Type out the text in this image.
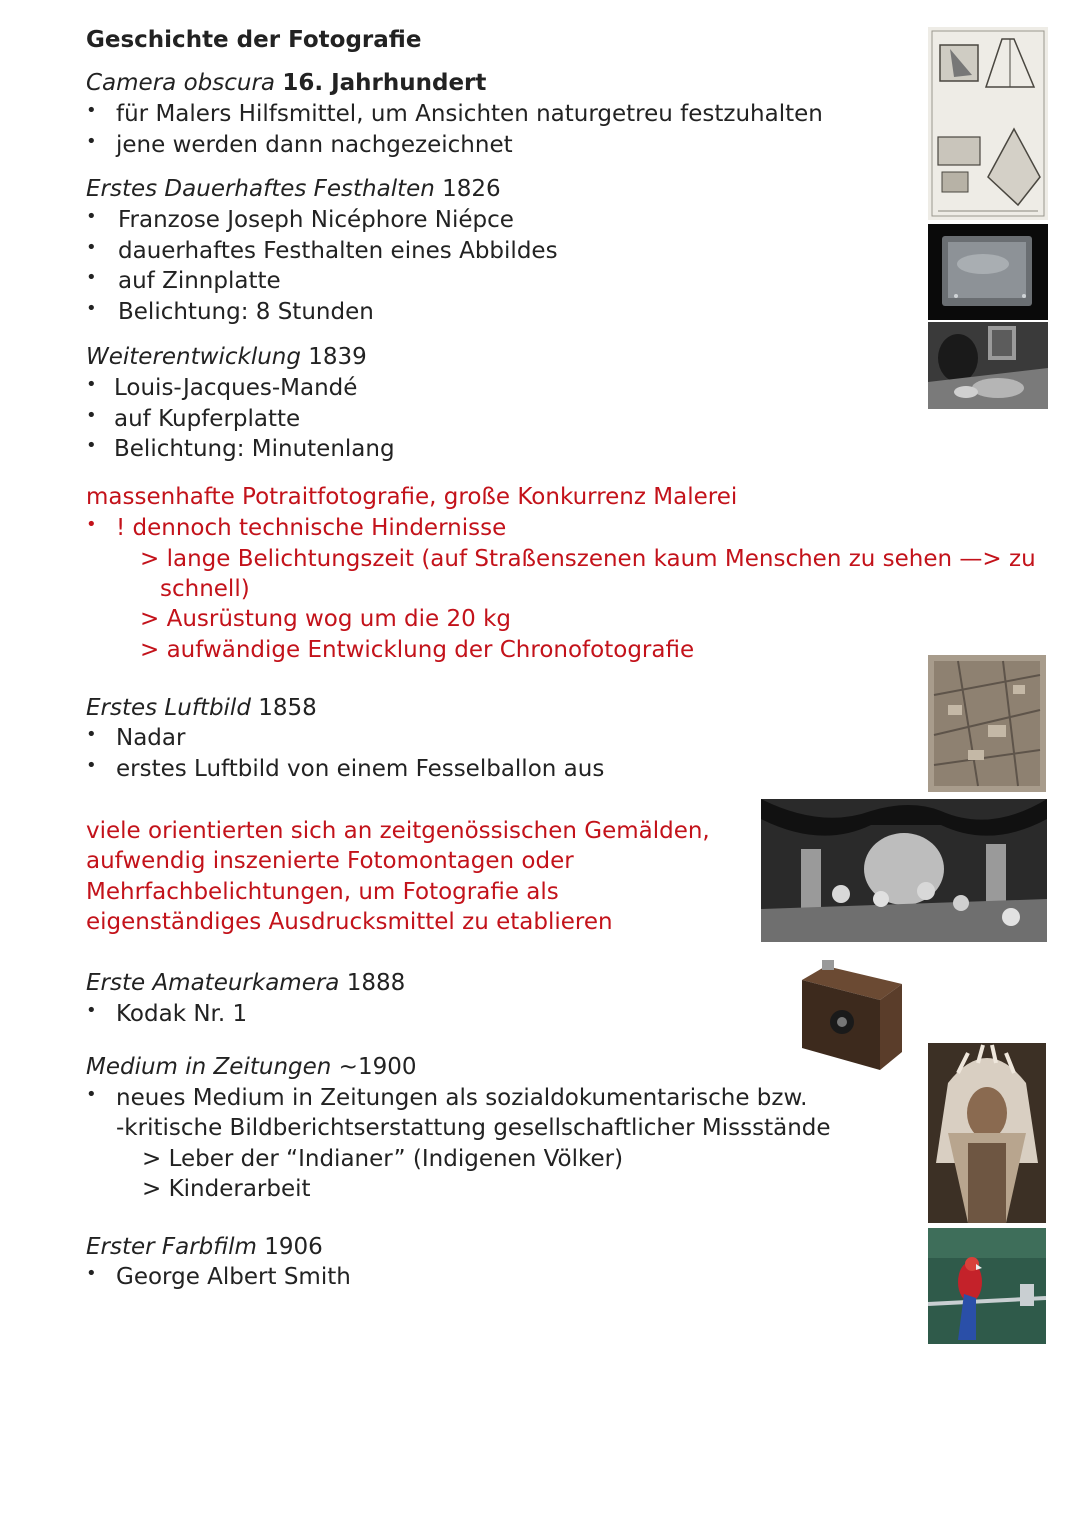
Geschichte der Fotografie
Camera obscura 16. Jahrhundert
• für Malers Hilfsmittel, um Ansichten naturgetreu festzuhalten
• jene werden dann nachgezeichnet
Erstes Dauerhaftes Festhalten 1826
• Franzose Joseph Nicéphore Niépce
• dauerhaftes Festhalten eines Abbildes
• auf Zinnplatte
• Belichtung: 8 Stunden
Weiterentwicklung 1839
• Louis-Jacques-Mandé
• auf Kupferplatte
• Belichtung: Minutenlang
massenhafte Potraitfotografie, große Konkurrenz Malerei
• ! dennoch technische Hindernisse
> lange Belichtungszeit (auf Straßenszenen kaum Menschen zu sehen —> zu
schnell)
> Ausrüstung wog um die 20 kg
> aufwändige Entwicklung der Chronofotografie
Erstes Luftbild 1858
• Nadar
• erstes Luftbild von einem Fesselballon aus
viele orientierten sich an zeitgenössischen Gemälden,
aufwendig inszenierte Fotomontagen oder
Mehrfachbelichtungen, um Fotografie als
eigenständiges Ausdrucksmittel zu etablieren
Erste Amateurkamera 1888
• Kodak Nr. 1
Medium in Zeitungen ~1900
• neues Medium in Zeitungen als sozialdokumentarische bzw.
-kritische Bildberichtserstattung gesellschaftlicher Missstände
> Leber der “Indianer” (Indigenen Völker)
> Kinderarbeit
Erster Farbfilm 1906
• George Albert Smith
